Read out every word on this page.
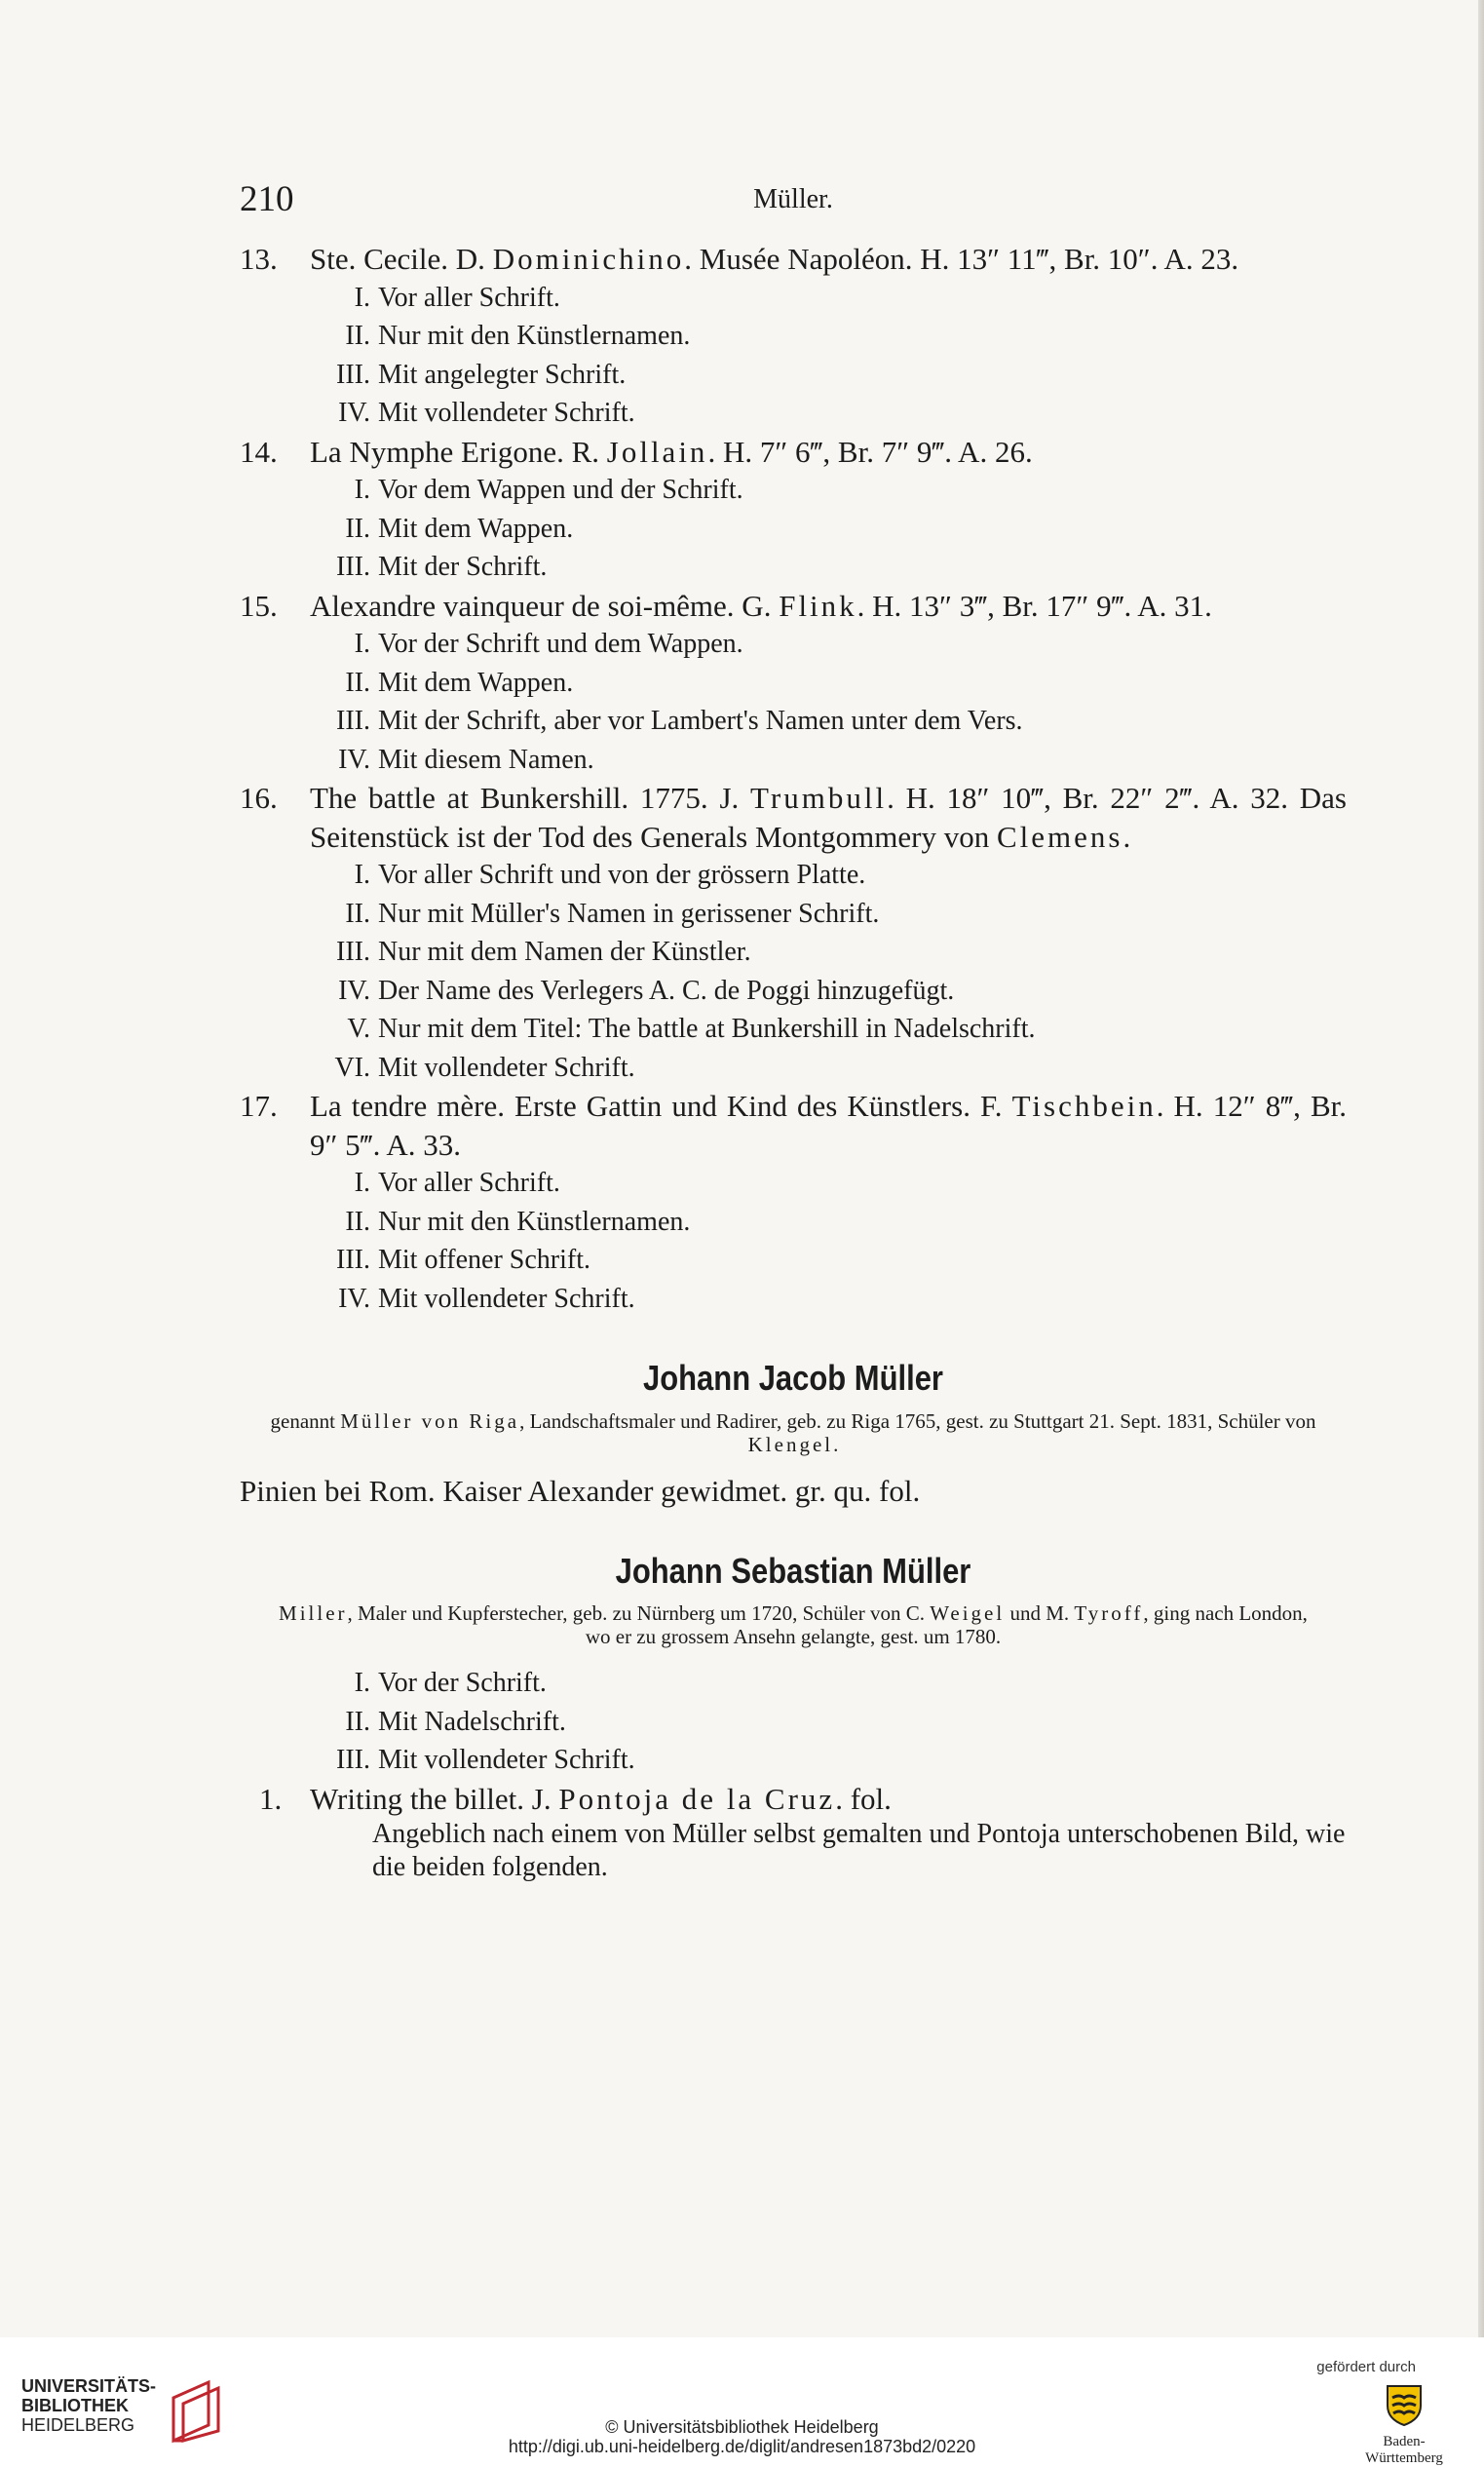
210	Müller.
13. Ste. Cecile. D. Dominichino. Musée Napoléon. H. 13″ 11‴, Br. 10″. A. 23.
I. Vor aller Schrift.
II. Nur mit den Künstlernamen.
III. Mit angelegter Schrift.
IV. Mit vollendeter Schrift.
14. La Nymphe Erigone. R. Jollain. H. 7″ 6‴, Br. 7″ 9‴. A. 26.
I. Vor dem Wappen und der Schrift.
II. Mit dem Wappen.
III. Mit der Schrift.
15. Alexandre vainqueur de soi-même. G. Flink. H. 13″ 3‴, Br. 17″ 9‴. A. 31.
I. Vor der Schrift und dem Wappen.
II. Mit dem Wappen.
III. Mit der Schrift, aber vor Lambert's Namen unter dem Vers.
IV. Mit diesem Namen.
16. The battle at Bunkershill. 1775. J. Trumbull. H. 18″ 10‴, Br. 22″ 2‴. A. 32. Das Seitenstück ist der Tod des Generals Montgommery von Clemens.
I. Vor aller Schrift und von der grössern Platte.
II. Nur mit Müller's Namen in gerissener Schrift.
III. Nur mit dem Namen der Künstler.
IV. Der Name des Verlegers A. C. de Poggi hinzugefügt.
V. Nur mit dem Titel: The battle at Bunkershill in Nadelschrift.
VI. Mit vollendeter Schrift.
17. La tendre mère. Erste Gattin und Kind des Künstlers. F. Tischbein. H. 12″ 8‴, Br. 9″ 5‴. A. 33.
I. Vor aller Schrift.
II. Nur mit den Künstlernamen.
III. Mit offener Schrift.
IV. Mit vollendeter Schrift.
Johann Jacob Müller
genannt Müller von Riga, Landschaftsmaler und Radirer, geb. zu Riga 1765, gest. zu Stuttgart 21. Sept. 1831, Schüler von Klengel.
Pinien bei Rom. Kaiser Alexander gewidmet. gr. qu. fol.
Johann Sebastian Müller
Miller, Maler und Kupferstecher, geb. zu Nürnberg um 1720, Schüler von C. Weigel und M. Tyroff, ging nach London, wo er zu grossem Ansehn gelangte, gest. um 1780.
I. Vor der Schrift.
II. Mit Nadelschrift.
III. Mit vollendeter Schrift.
1. Writing the billet. J. Pontoja de la Cruz. fol.
Angeblich nach einem von Müller selbst gemalten und Pontoja unterschobenen Bild, wie die beiden folgenden.
UNIVERSITÄTS-
BIBLIOTHEK
HEIDELBERG	© Universitätsbibliothek Heidelberg
http://digi.ub.uni-heidelberg.de/diglit/andresen1873bd2/0220
gefördert durch
Baden-Württemberg
